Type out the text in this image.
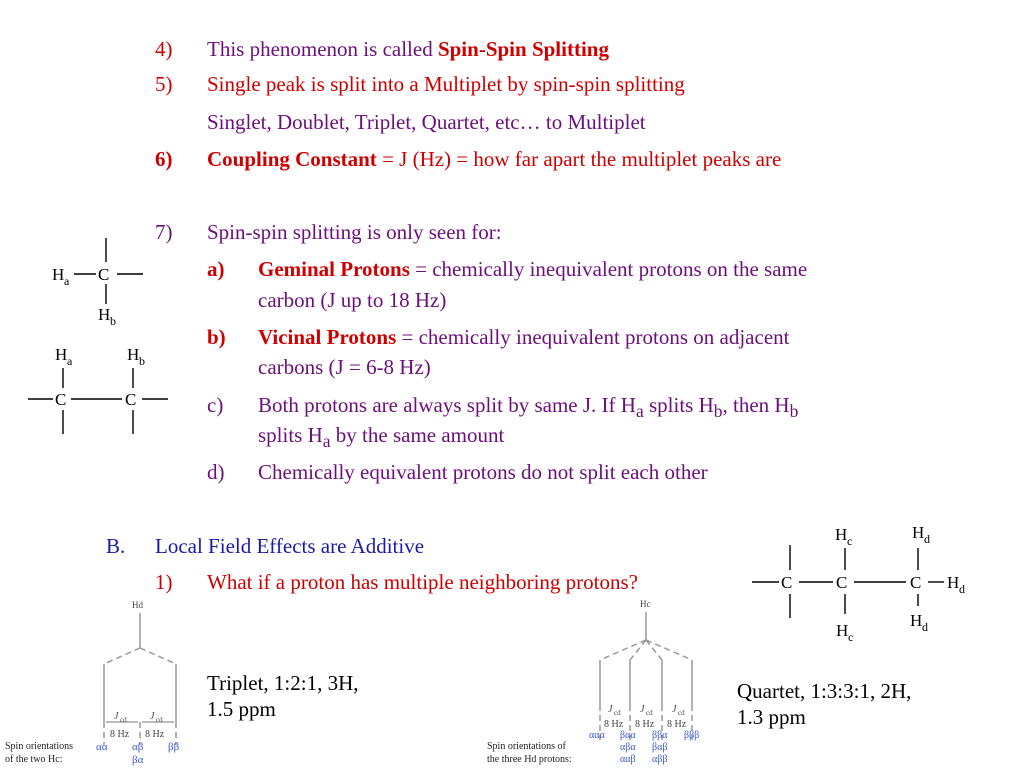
4) This phenomenon is called Spin-Spin Splitting
5) Single peak is split into a Multiplet by spin-spin splitting
Singlet, Doublet, Triplet, Quartet, etc… to Multiplet
6) Coupling Constant = J (Hz) = how far apart the multiplet peaks are
7) Spin-spin splitting is only seen for:
a) Geminal Protons = chemically inequivalent protons on the same
carbon (J up to 18 Hz)
b) Vicinal Protons = chemically inequivalent protons on adjacent
carbons (J = 6-8 Hz)
c) Both protons are always split by same J. If $H_a$ splits $H_b$, then $H_b$
splits $H_a$ by the same amount
d) Chemically equivalent protons do not split each other
B. Local Field Effects are Additive
1) What if a proton has multiple neighboring protons?
H a C
H b
H a	H b
C	C
H c	H d
C	C	C H d
H d
H c
Hd
J cd J cd
8 Hz 8 Hz
Spin orientations
of the two Hc:
αα αβ
βα
ββ
Hc
J cd J cd J cd
8 Hz 8 Hz 8 Hz
Spin orientations of
the three Hd protons:
ααα βαα
αβα
ααβ
ββα
βαβ
αββ
βββ
Triplet, 1:2:1, 3H,
1.5 ppm
Quartet, 1:3:3:1, 2H,
1.3 ppm
